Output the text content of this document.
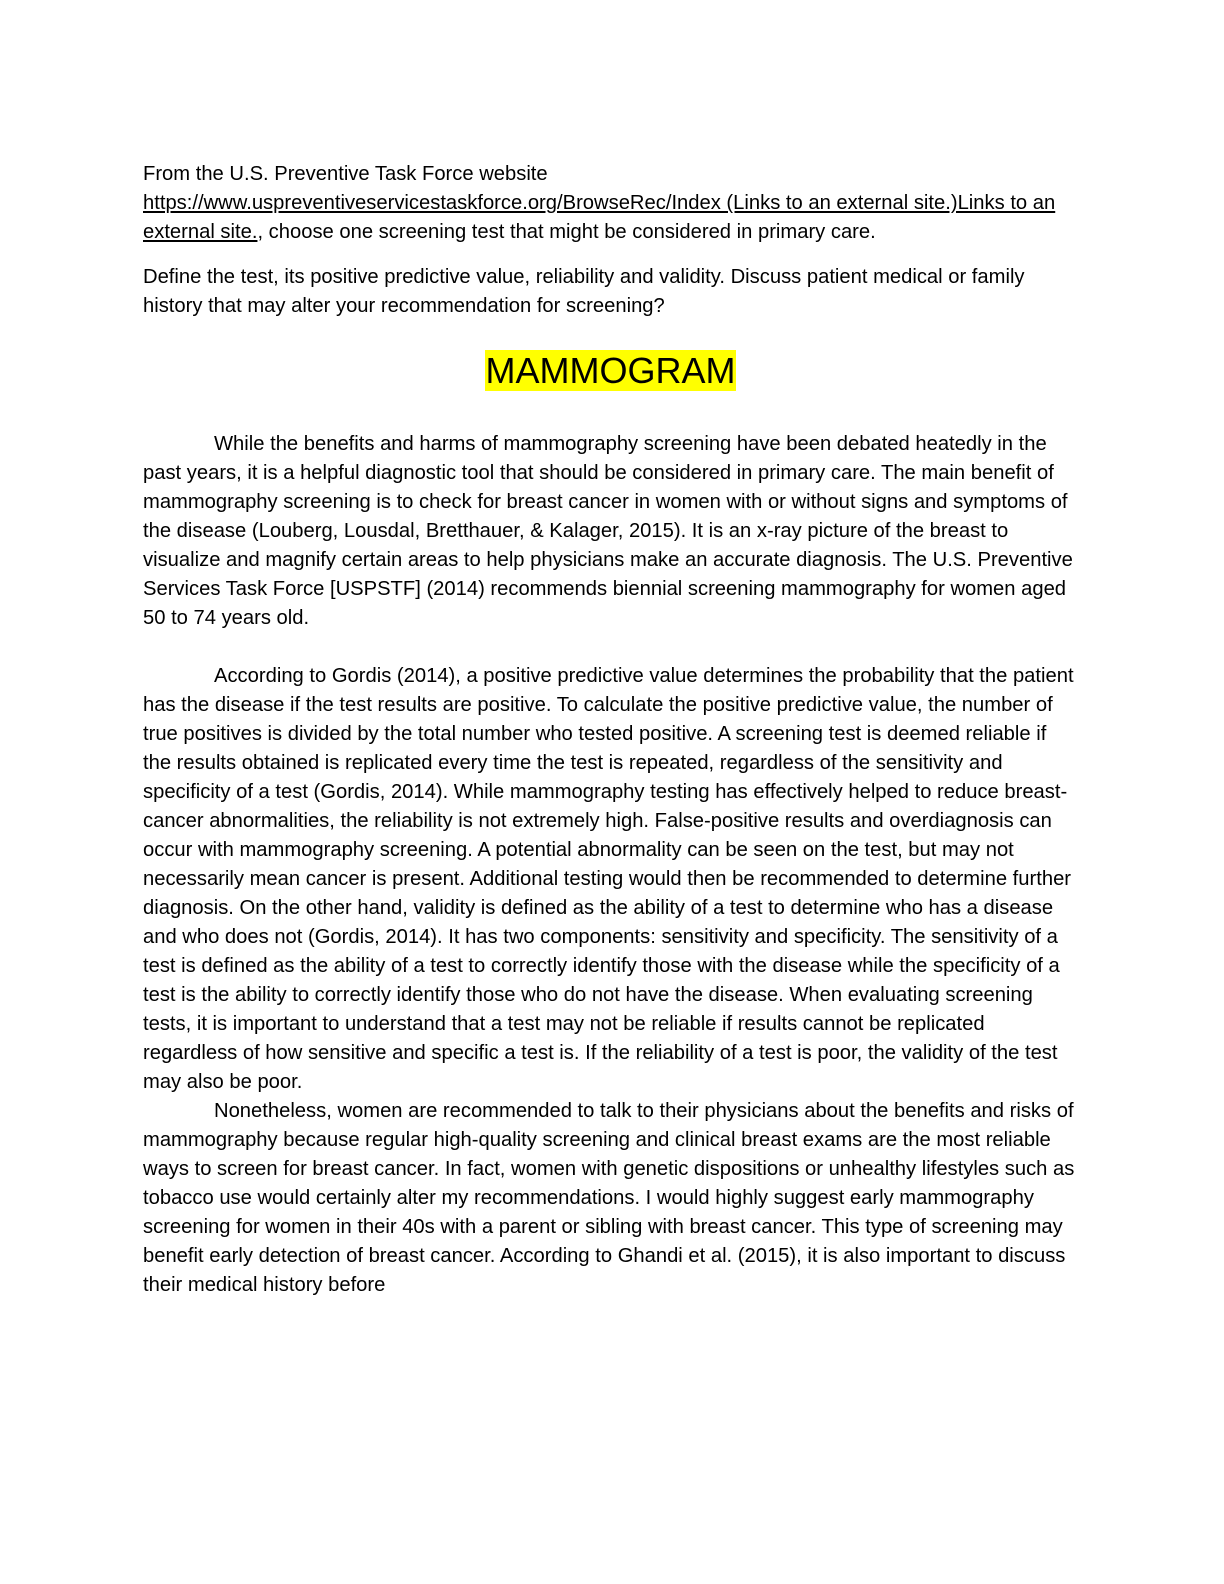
From the U.S. Preventive Task Force website
https://www.uspreventiveservicestaskforce.org/BrowseRec/Index (Links to an external site.)Links to an external site., choose one screening test that might be considered in primary care.

Define the test, its positive predictive value, reliability and validity. Discuss patient medical or family history that may alter your recommendation for screening?

MAMMOGRAM

While the benefits and harms of mammography screening have been debated heatedly in the past years, it is a helpful diagnostic tool that should be considered in primary care. The main benefit of mammography screening is to check for breast cancer in women with or without signs and symptoms of the disease (Louberg, Lousdal, Bretthauer, & Kalager, 2015). It is an x-ray picture of the breast to visualize and magnify certain areas to help physicians make an accurate diagnosis. The U.S. Preventive Services Task Force [USPSTF] (2014) recommends biennial screening mammography for women aged 50 to 74 years old.

According to Gordis (2014), a positive predictive value determines the probability that the patient has the disease if the test results are positive. To calculate the positive predictive value, the number of true positives is divided by the total number who tested positive. A screening test is deemed reliable if the results obtained is replicated every time the test is repeated, regardless of the sensitivity and specificity of a test (Gordis, 2014). While mammography testing has effectively helped to reduce breast-cancer abnormalities, the reliability is not extremely high. False-positive results and overdiagnosis can occur with mammography screening. A potential abnormality can be seen on the test, but may not necessarily mean cancer is present. Additional testing would then be recommended to determine further diagnosis. On the other hand, validity is defined as the ability of a test to determine who has a disease and who does not (Gordis, 2014). It has two components: sensitivity and specificity. The sensitivity of a test is defined as the ability of a test to correctly identify those with the disease while the specificity of a test is the ability to correctly identify those who do not have the disease. When evaluating screening tests, it is important to understand that a test may not be reliable if results cannot be replicated regardless of how sensitive and specific a test is. If the reliability of a test is poor, the validity of the test may also be poor.

Nonetheless, women are recommended to talk to their physicians about the benefits and risks of mammography because regular high-quality screening and clinical breast exams are the most reliable ways to screen for breast cancer. In fact, women with genetic dispositions or unhealthy lifestyles such as tobacco use would certainly alter my recommendations. I would highly suggest early mammography screening for women in their 40s with a parent or sibling with breast cancer. This type of screening may benefit early detection of breast cancer. According to Ghandi et al. (2015), it is also important to discuss their medical history before
